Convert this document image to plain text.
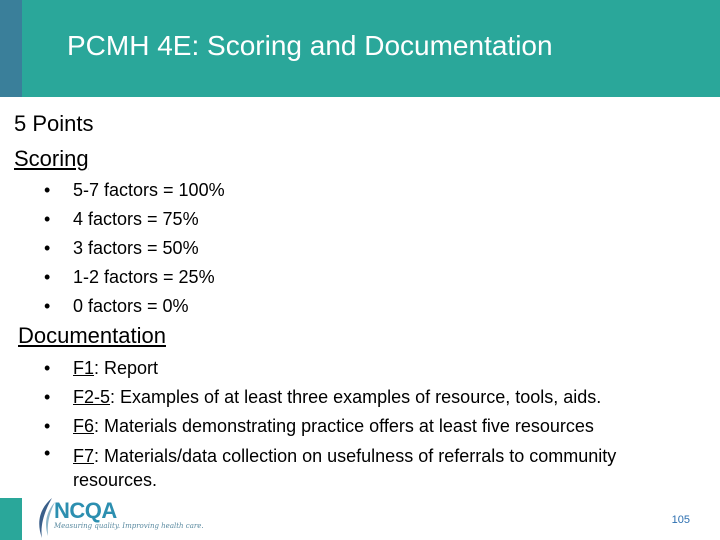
PCMH 4E: Scoring and Documentation
5 Points
Scoring
• 5-7 factors = 100%
• 4 factors = 75%
• 3 factors = 50%
• 1-2 factors = 25%
• 0 factors = 0%
Documentation
• F1: Report
• F2-5: Examples of at least three examples of resource, tools, aids.
• F6: Materials demonstrating practice offers at least five resources
• F7: Materials/data collection on usefulness of referrals to community resources.
NCQA
Measuring quality. Improving health care.	105
